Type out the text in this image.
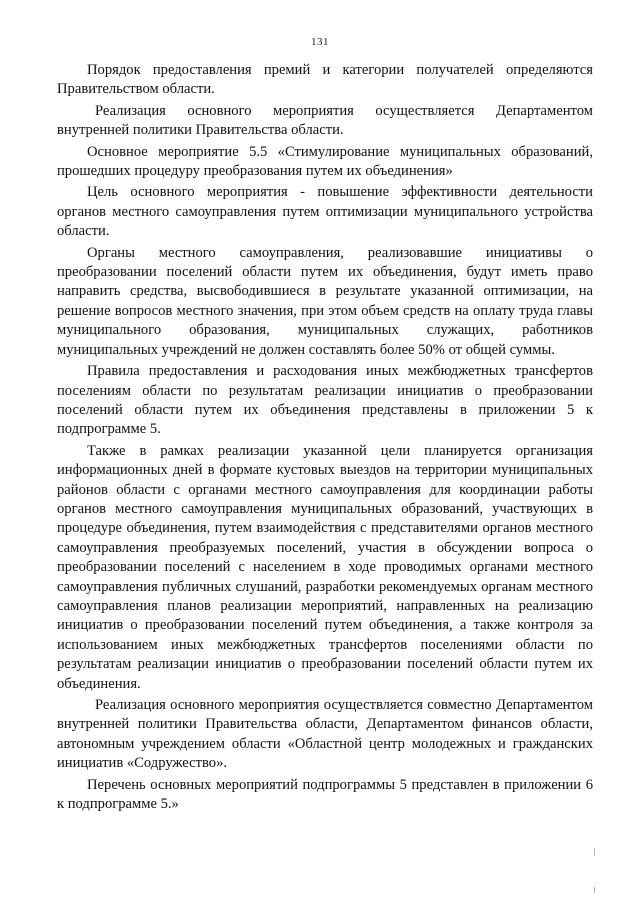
131

Порядок предоставления премий и категории получателей определяются Правительством области.

Реализация основного мероприятия осуществляется Департаментом внутренней политики Правительства области.

Основное мероприятие 5.5 «Стимулирование муниципальных образований, прошедших процедуру преобразования путем их объединения»

Цель основного мероприятия - повышение эффективности деятельности органов местного самоуправления путем оптимизации муниципального устройства области.

Органы местного самоуправления, реализовавшие инициативы о преобразовании поселений области путем их объединения, будут иметь право направить средства, высвободившиеся в результате указанной оптимизации, на решение вопросов местного значения, при этом объем средств на оплату труда главы муниципального образования, муниципальных служащих, работников муниципальных учреждений не должен составлять более 50% от общей суммы.

Правила предоставления и расходования иных межбюджетных трансфертов поселениям области по результатам реализации инициатив о преобразовании поселений области путем их объединения представлены в приложении 5 к подпрограмме 5.

Также в рамках реализации указанной цели планируется организация информационных дней в формате кустовых выездов на территории муниципальных районов области с органами местного самоуправления для координации работы органов местного самоуправления муниципальных образований, участвующих в процедуре объединения, путем взаимодействия с представителями органов местного самоуправления преобразуемых поселений, участия в обсуждении вопроса о преобразовании поселений с населением в ходе проводимых органами местного самоуправления публичных слушаний, разработки рекомендуемых органам местного самоуправления планов реализации мероприятий, направленных на реализацию инициатив о преобразовании поселений путем объединения, а также контроля за использованием иных межбюджетных трансфертов поселениями области по результатам реализации инициатив о преобразовании поселений области путем их объединения.

Реализация основного мероприятия осуществляется совместно Департаментом внутренней политики Правительства области, Департаментом финансов области, автономным учреждением области «Областной центр молодежных и гражданских инициатив «Содружество».

Перечень основных мероприятий подпрограммы 5 представлен в приложении 6 к подпрограмме 5.»
